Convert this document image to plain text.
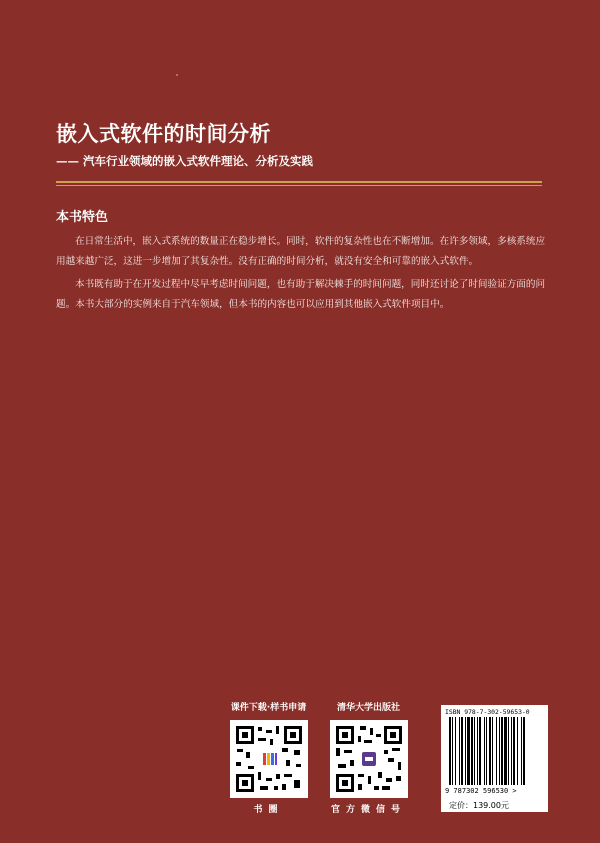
嵌入式软件的时间分析
—— 汽车行业领域的嵌入式软件理论、分析及实践
本书特色

在日常生活中，嵌入式系统的数量正在稳步增长。同时，软件的复杂性也在不断增加。在许多领域，多核系统应用越来越广泛，这进一步增加了其复杂性。没有正确的时间分析，就没有安全和可靠的嵌入式软件。

本书既有助于在开发过程中尽早考虑时间问题，也有助于解决棘手的时间问题，同时还讨论了时间验证方面的问题。本书大部分的实例来自于汽车领域，但本书的内容也可以应用到其他嵌入式软件项目中。

课件下载·样书申请
书圈
清华大学出版社
官方微信号
ISBN 978-7-302-59653-0
9 787302 596530 >
定价：139.00元
